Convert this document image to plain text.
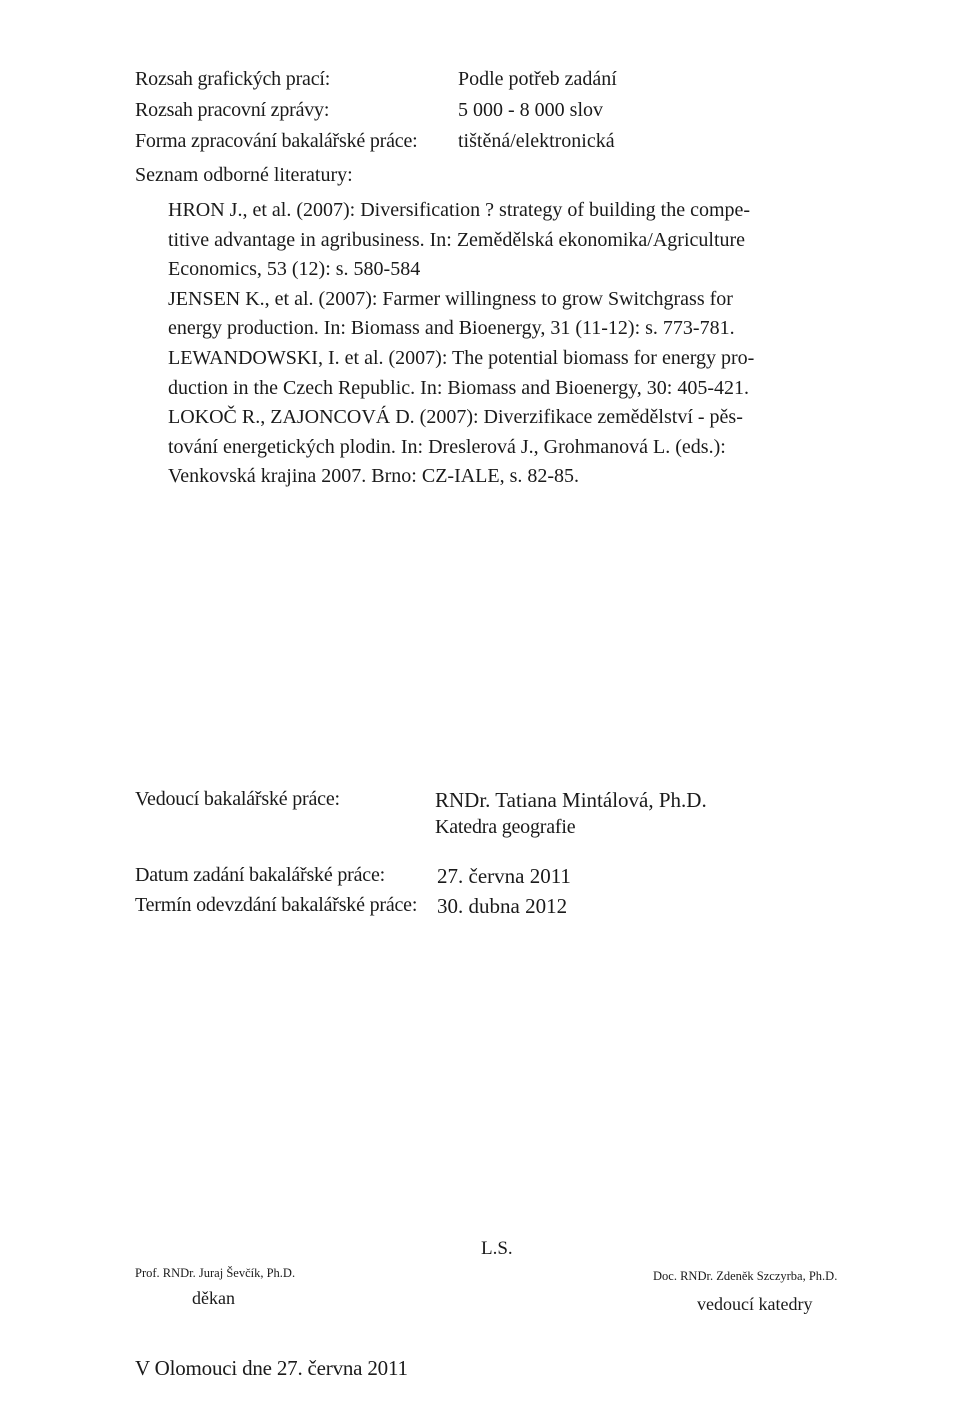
Rozsah grafických prací:	Podle potřeb zadání
Rozsah pracovní zprávy:	5 000 - 8 000 slov
Forma zpracování bakalářské práce: tištěná/elektronická
Seznam odborné literatury:
HRON J., et al. (2007): Diversification ? strategy of building the compe-
titive advantage in agribusiness. In: Zemědělská ekonomika/Agriculture
Economics, 53 (12): s. 580-584
JENSEN K., et al. (2007): Farmer willingness to grow Switchgrass for
energy production. In: Biomass and Bioenergy, 31 (11-12): s. 773-781.
LEWANDOWSKI, I. et al. (2007): The potential biomass for energy pro-
duction in the Czech Republic. In: Biomass and Bioenergy, 30: 405-421.
LOKOČ R., ZAJONCOVÁ D. (2007): Diverzifikace zemědělství - pěs-
tování energetických plodin. In: Dreslerová J., Grohmanová L. (eds.):
Venkovská krajina 2007. Brno: CZ-IALE, s. 82-85.
Vedoucí bakalářské práce:	RNDr. Tatiana Mintálová, Ph.D.
Katedra geografie
Datum zadání bakalářské práce: 27. června 2011
Termín odevzdání bakalářské práce: 30. dubna 2012
L.S.
Prof. RNDr. Juraj Ševčík, Ph.D.
děkan
Doc. RNDr. Zdeněk Szczyrba, Ph.D.
vedoucí katedry
V Olomouci dne 27. června 2011
